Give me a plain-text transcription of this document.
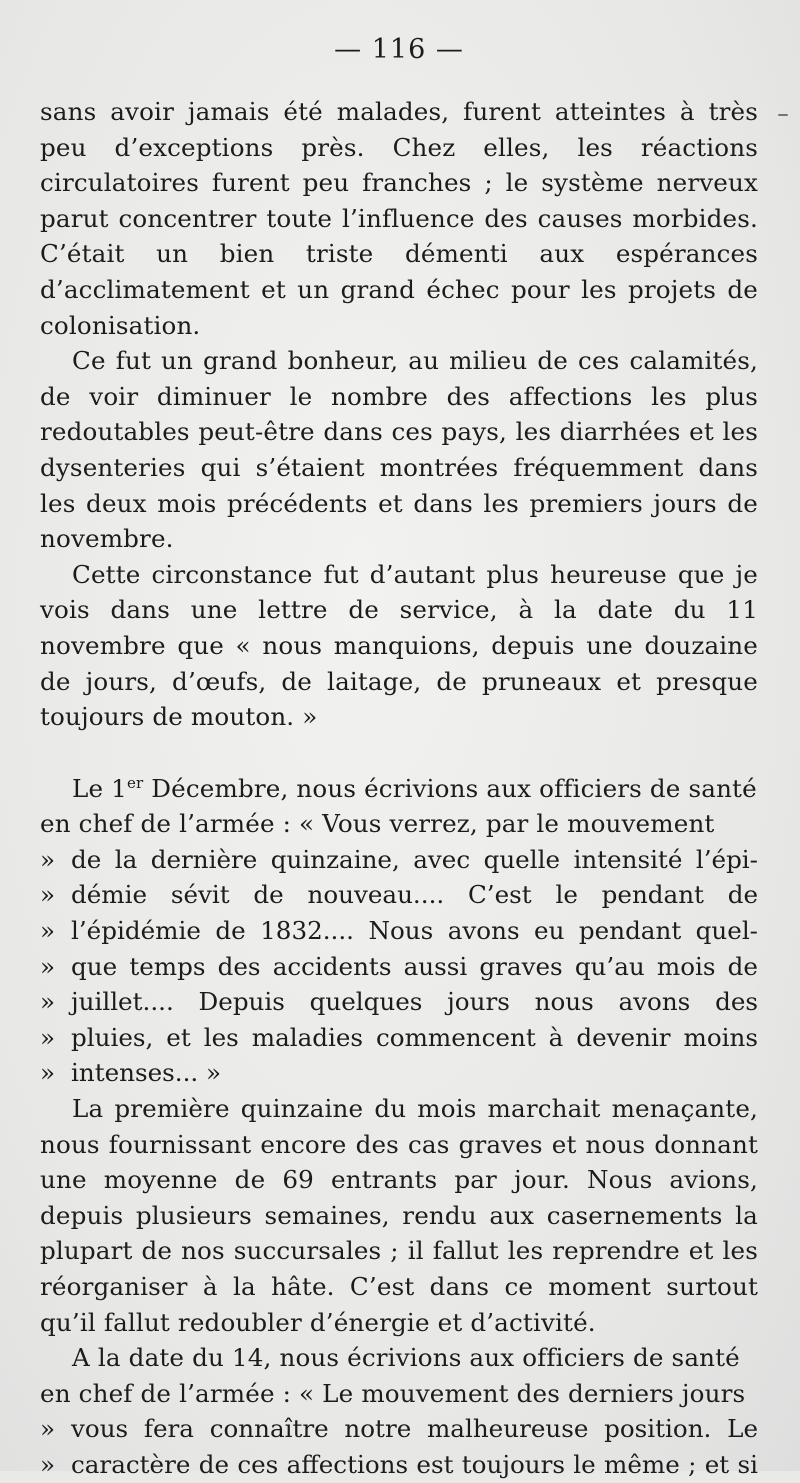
— 116 —

sans avoir jamais été malades, furent atteintes à très peu d’exceptions près. Chez elles, les réactions circulatoires furent peu franches ; le système nerveux parut concentrer toute l’influence des causes morbides. C’était un bien triste démenti aux espérances d’acclimatement et un grand échec pour les projets de colonisation.

Ce fut un grand bonheur, au milieu de ces calamités, de voir diminuer le nombre des affections les plus redoutables peut-être dans ces pays, les diarrhées et les dysenteries qui s’étaient montrées fréquemment dans les deux mois précédents et dans les premiers jours de novembre.

Cette circonstance fut d’autant plus heureuse que je vois dans une lettre de service, à la date du 11 novembre que « nous manquions, depuis une douzaine de jours, d’œufs, de laitage, de pruneaux et presque toujours de mouton. »

Le 1er Décembre, nous écrivions aux officiers de santé

en chef de l’armée : « Vous verrez, par le mouvement

» de la dernière quinzaine, avec quelle intensité l’épi-
» démie sévit de nouveau.... C’est le pendant de
» l’épidémie de 1832.... Nous avons eu pendant quel-
» que temps des accidents aussi graves qu’au mois de
» juillet.... Depuis quelques jours nous avons des
» pluies, et les maladies commencent à devenir moins
» intenses... »

La première quinzaine du mois marchait menaçante, nous fournissant encore des cas graves et nous donnant une moyenne de 69 entrants par jour. Nous avions, depuis plusieurs semaines, rendu aux casernements la plupart de nos succursales ; il fallut les reprendre et les réorganiser à la hâte. C’est dans ce moment surtout qu’il fallut redoubler d’énergie et d’activité.

A la date du 14, nous écrivions aux officiers de santé

en chef de l’armée : « Le mouvement des derniers jours

» vous fera connaître notre malheureuse position. Le
» caractère de ces affections est toujours le même ; et si
